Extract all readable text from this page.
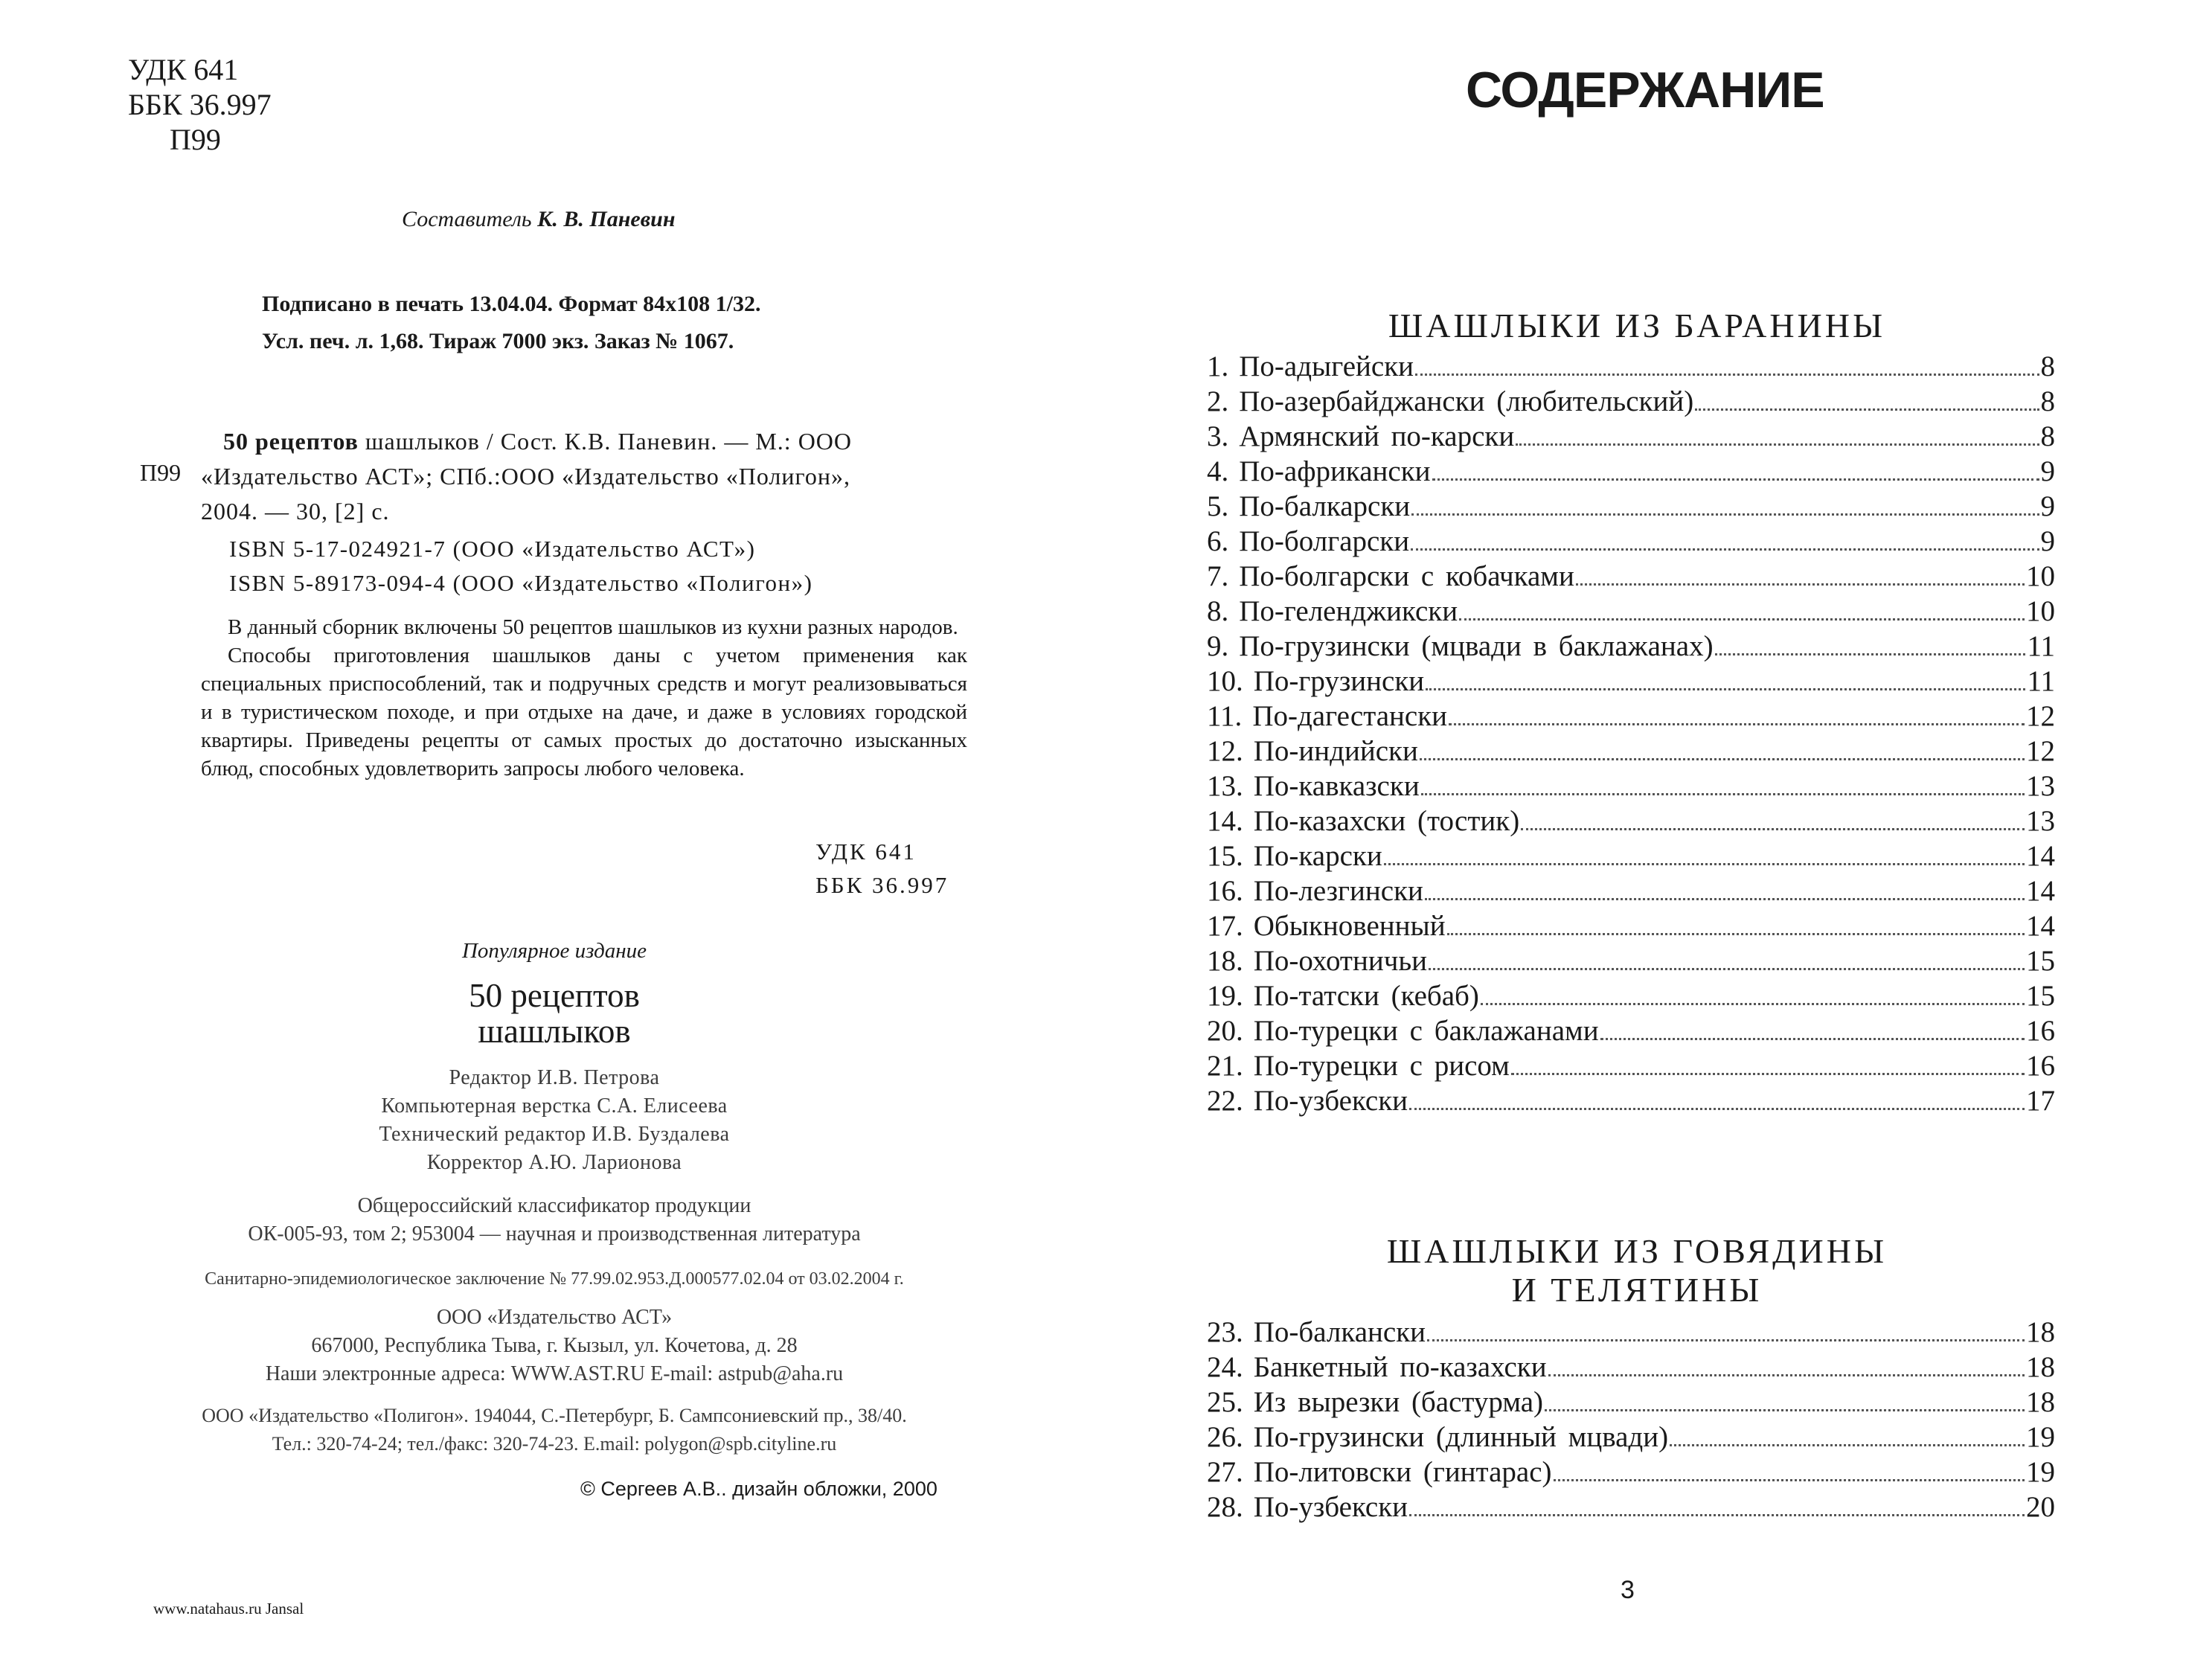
УДК 641
ББК 36.997
П99
Составитель К. В. Паневин
Подписано в печать 13.04.04. Формат 84х108 1/32.
Усл. печ. л. 1,68. Тираж 7000 экз. Заказ № 1067.
П99
50 рецептов шашлыков / Сост. К.В. Паневин. — М.: ООО
«Издательство АСТ»; СПб.:ООО «Издательство «Полигон»,
2004. — 30, [2] с.
ISBN 5-17-024921-7 (ООО «Издательство АСТ»)
ISBN 5-89173-094-4 (ООО «Издательство «Полигон»)

В данный сборник включены 50 рецептов шашлыков из кухни разных народов.

Способы приготовления шашлыков даны с учетом применения как специальных приспособлений, так и подручных средств и могут реализовываться и в туристическом походе, и при отдыхе на даче, и даже в условиях городской квартиры. Приведены рецепты от самых простых до достаточно изысканных блюд, способных удовлетворить запросы любого человека.

УДК 641
ББК 36.997
Популярное издание
50 рецептов
шашлыков
Редактор И.В. Петрова
Компьютерная верстка С.А. Елисеева
Технический редактор И.В. Буздалева
Корректор А.Ю. Ларионова
Общероссийский классификатор продукции
ОК-005-93, том 2; 953004 — научная и производственная литература
Санитарно-эпидемиологическое заключение № 77.99.02.953.Д.000577.02.04 от 03.02.2004 г.
ООО «Издательство АСТ»
667000, Республика Тыва, г. Кызыл, ул. Кочетова, д. 28
Наши электронные адреса: WWW.AST.RU E-mail: astpub@aha.ru
ООО «Издательство «Полигон». 194044, С.-Петербург, Б. Сампсониевский пр., 38/40.
Тел.: 320-74-24; тел./факс: 320-74-23. E.mail: polygon@spb.cityline.ru
© Сергеев А.В.. дизайн обложки, 2000
www.natahaus.ru Jansal
СОДЕРЖАНИЕ
ШАШЛЫКИ ИЗ БАРАНИНЫ
1. По-адыгейски	8
2. По-азербайджански (любительский)	8
3. Армянский по-карски	8
4. По-африкански	9
5. По-балкарски	9
6. По-болгарски	9
7. По-болгарски с кобачками	10
8. По-геленджикски	10
9. По-грузински (мцвади в баклажанах)	11
10. По-грузински	11
11. По-дагестански	12
12. По-индийски	12
13. По-кавказски	13
14. По-казахски (тостик)	13
15. По-карски	14
16. По-лезгински	14
17. Обыкновенный	14
18. По-охотничьи	15
19. По-татски (кебаб)	15
20. По-турецки с баклажанами	16
21. По-турецки с рисом	16
22. По-узбекски	17
ШАШЛЫКИ ИЗ ГОВЯДИНЫ
И ТЕЛЯТИНЫ
23. По-балкански	18
24. Банкетный по-казахски	18
25. Из вырезки (бастурма)	18
26. По-грузински (длинный мцвади)	19
27. По-литовски (гинтарас)	19
28. По-узбекски	20
3
